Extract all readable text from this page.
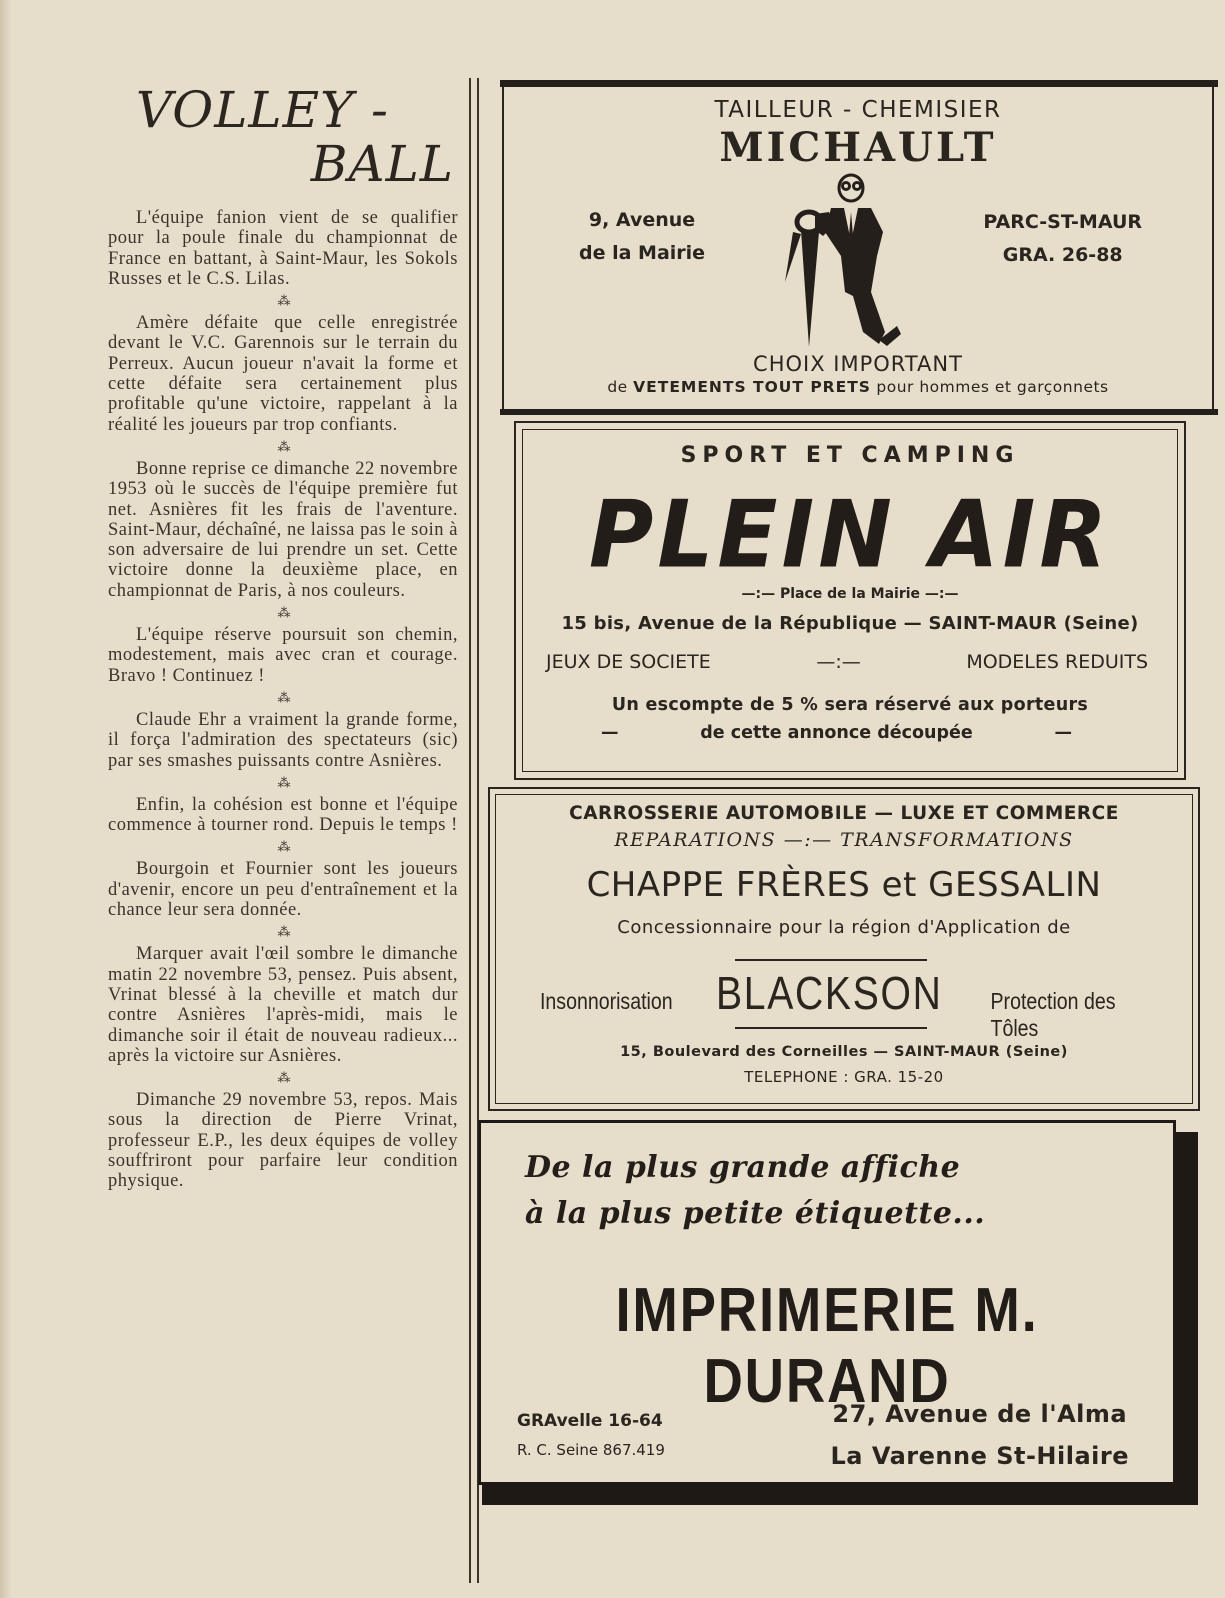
VOLLEY -
BALL

L'équipe fanion vient de se qualifier pour la poule finale du championnat de France en battant, à Saint-Maur, les Sokols Russes et le C.S. Lilas.

⁂

Amère défaite que celle enregistrée devant le V.C. Garennois sur le terrain du Perreux. Aucun joueur n'avait la forme et cette défaite sera certainement plus profitable qu'une victoire, rappelant à la réalité les joueurs par trop confiants.

⁂

Bonne reprise ce dimanche 22 novembre 1953 où le succès de l'équipe première fut net. Asnières fit les frais de l'aventure. Saint-Maur, déchaîné, ne laissa pas le soin à son adversaire de lui prendre un set. Cette victoire donne la deuxième place, en championnat de Paris, à nos couleurs.

⁂

L'équipe réserve poursuit son chemin, modestement, mais avec cran et courage. Bravo ! Continuez !

⁂

Claude Ehr a vraiment la grande forme, il força l'admiration des spectateurs (sic) par ses smashes puissants contre Asnières.

⁂

Enfin, la cohésion est bonne et l'équipe commence à tourner rond. Depuis le temps !

⁂

Bourgoin et Fournier sont les joueurs d'avenir, encore un peu d'entraînement et la chance leur sera donnée.

⁂

Marquer avait l'œil sombre le dimanche matin 22 novembre 53, pensez. Puis absent, Vrinat blessé à la cheville et match dur contre Asnières l'après-midi, mais le dimanche soir il était de nouveau radieux... après la victoire sur Asnières.

⁂

Dimanche 29 novembre 53, repos. Mais sous la direction de Pierre Vrinat, professeur E.P., les deux équipes de volley souffriront pour parfaire leur condition physique.

TAILLEUR - CHEMISIER
MICHAULT
9, Avenue
de la Mairie
PARC-ST-MAUR
GRA. 26-88
CHOIX IMPORTANT
de VETEMENTS TOUT PRETS pour hommes et garçonnets
SPORT ET CAMPING
PLEIN AIR
—:— Place de la Mairie —:—
15 bis, Avenue de la République — SAINT-MAUR (Seine)
JEUX DE SOCIETE	—:—	MODELES REDUITS
Un escompte de 5 % sera réservé aux porteurs
—	de cette annonce découpée	—
CARROSSERIE AUTOMOBILE — LUXE ET COMMERCE
REPARATIONS —:— TRANSFORMATIONS
CHAPPE FRÈRES et GESSALIN
Concessionnaire pour la région d'Application de
Insonnorisation BLACKSON Protection des Tôles
15, Boulevard des Corneilles — SAINT-MAUR (Seine)
TELEPHONE : GRA. 15-20
De la plus grande affiche
à la plus petite étiquette...
IMPRIMERIE M. DURAND
GRAvelle 16-64
R. C. Seine 867.419
27, Avenue de l'Alma
La Varenne St-Hilaire
